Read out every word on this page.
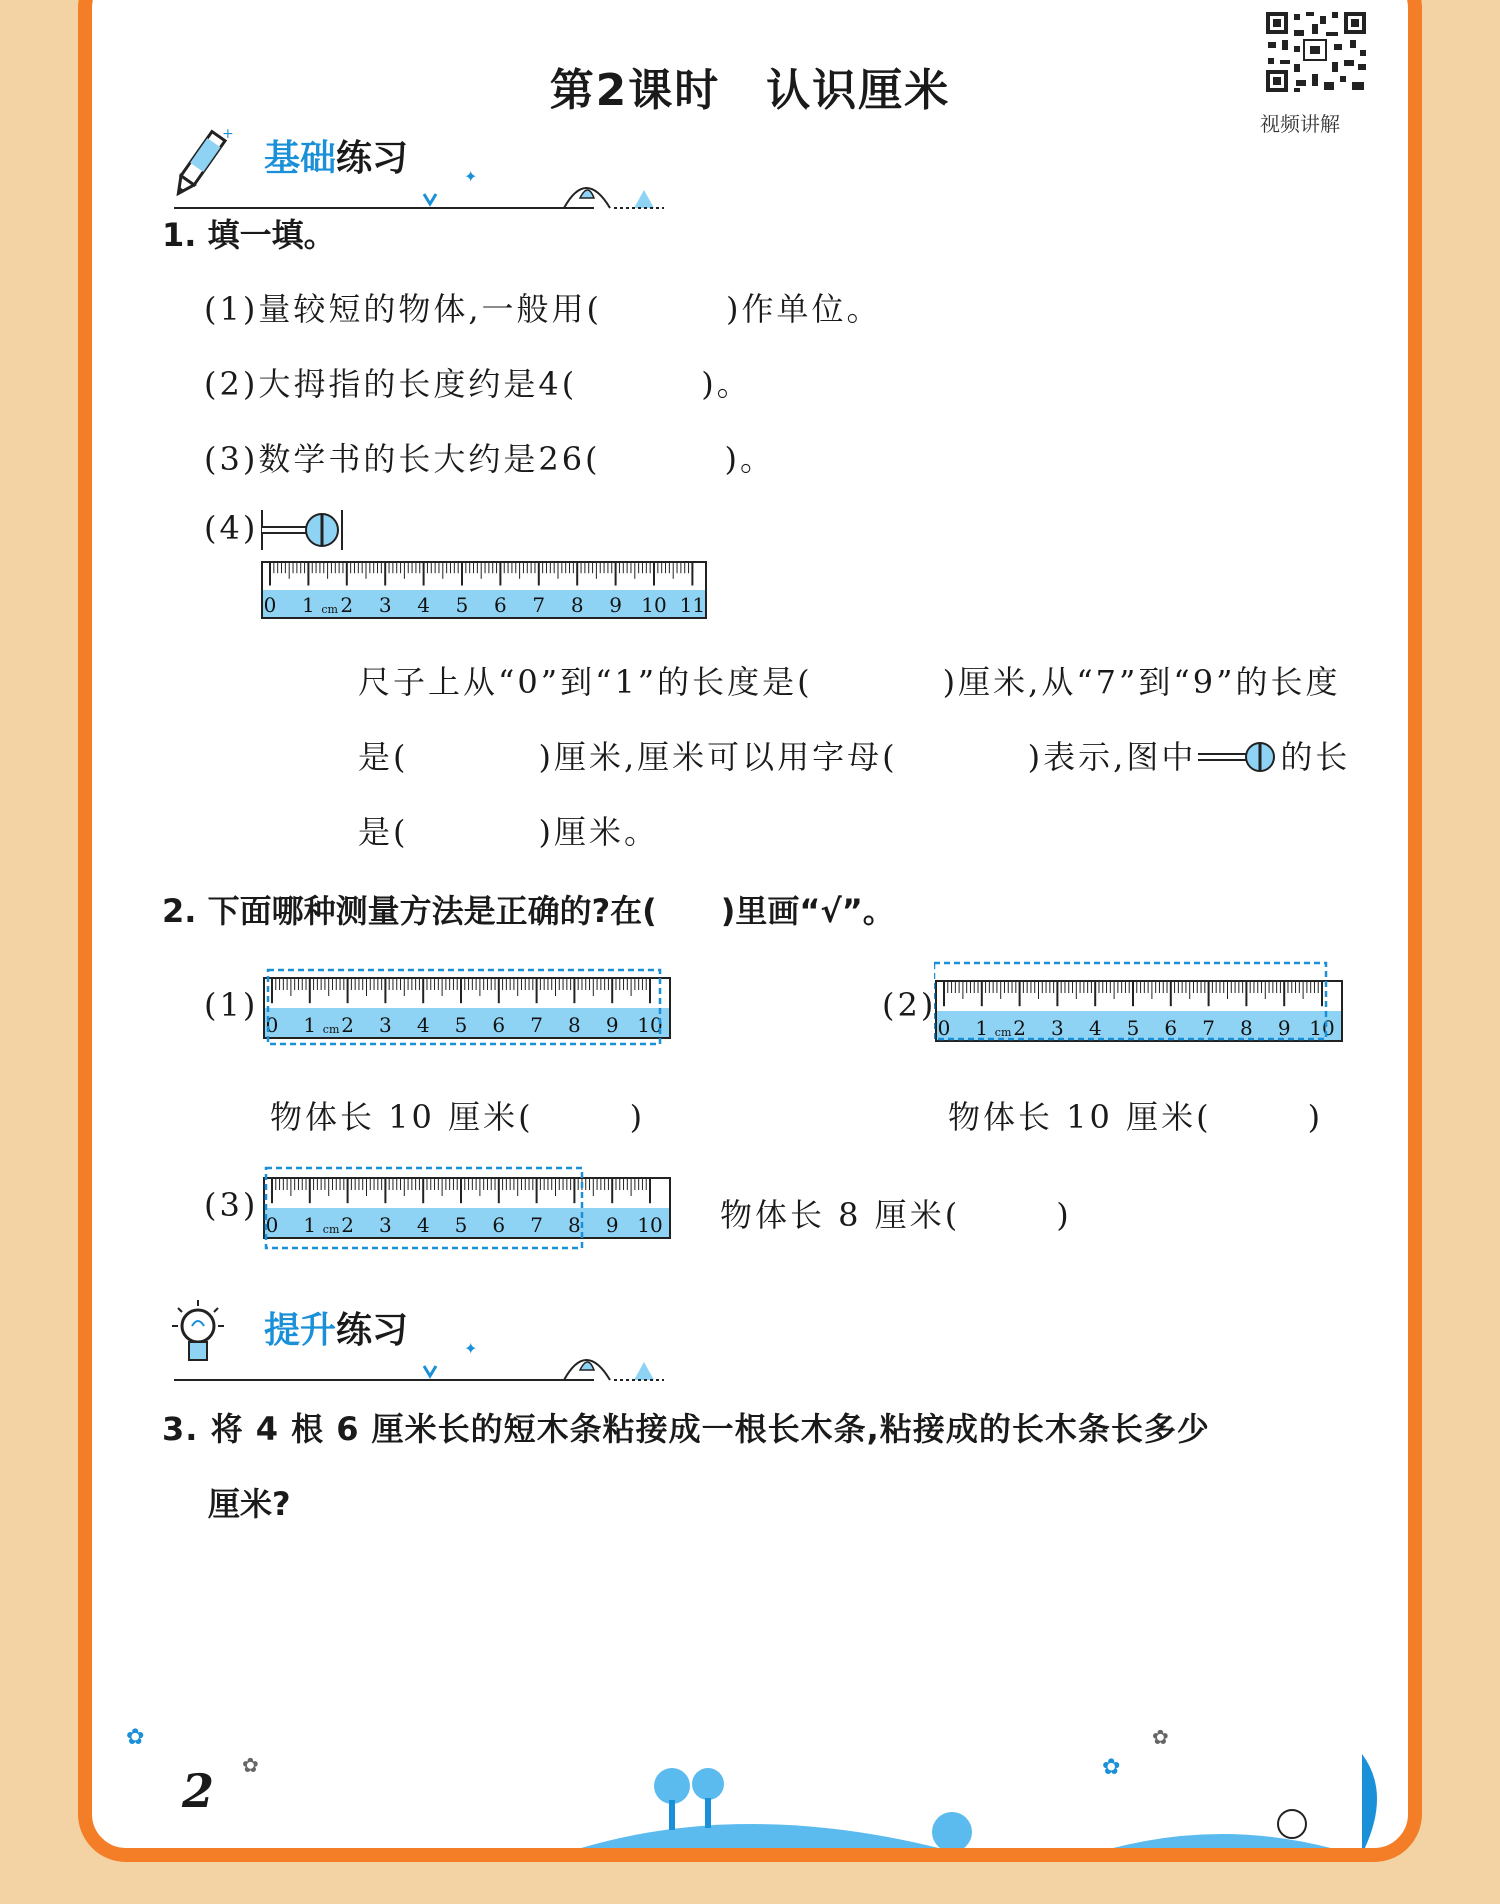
第2课时　认识厘米
视频讲解
+
基础练习	✦
1. 填一填。
(1)量较短的物体,一般用(	)作单位。
(2)大拇指的长度约是4(	)。
(3)数学书的长大约是26(	)。
(4)
0 1 cm 2 3 4 5 6 7 8 9 10 11
尺子上从“0”到“1”的长度是(	)厘米,从“7”到“9”的长度
是(	)厘米,厘米可以用字母(	)表示,图中	的长
是(	)厘米。
2. 下面哪种测量方法是正确的?在(　　)里画“√”。
(1)
0 1 cm 2 3 4 5 6 7 8 9 10
物体长 10 厘米(	)
(2)
0 1 cm 2 3 4 5 6 7 8 9 10
物体长 10 厘米(	)
(3)
0 1 cm 2 3 4 5 6 7 8 9 10 物体长 8 厘米(	)
提升练习	✦
3. 将 4 根 6 厘米长的短木条粘接成一根长木条,粘接成的长木条长多少
厘米?
2
✿
✿	✿
✿
